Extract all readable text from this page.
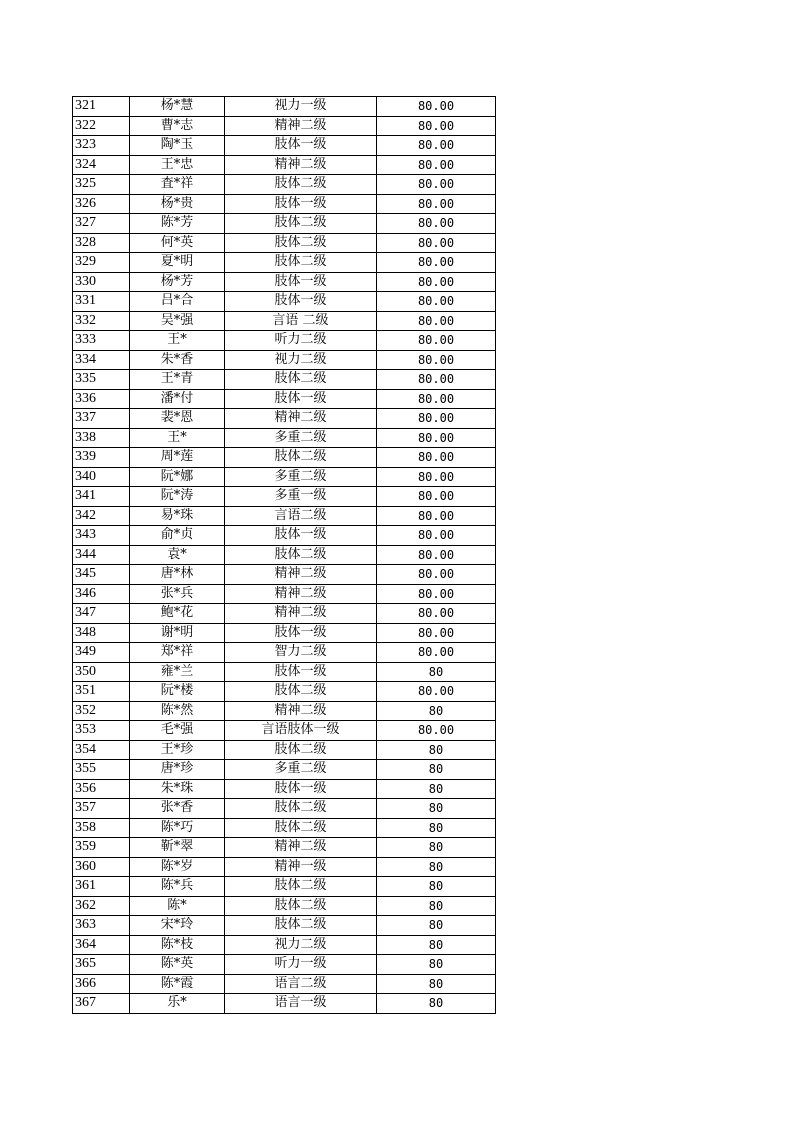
321	杨*慧	视力一级	80.00
322	曹*志	精神二级	80.00
323	陶*玉	肢体一级	80.00
324	王*忠	精神二级	80.00
325	査*祥	肢体二级	80.00
326	杨*贵	肢体一级	80.00
327	陈*芳	肢体二级	80.00
328	何*英	肢体二级	80.00
329	夏*明	肢体二级	80.00
330	杨*芳	肢体一级	80.00
331	吕*合	肢体一级	80.00
332	吴*强	言语 二级	80.00
333	王*	听力二级	80.00
334	朱*香	视力二级	80.00
335	王*青	肢体二级	80.00
336	潘*付	肢体一级	80.00
337	裴*恩	精神二级	80.00
338	王*	多重二级	80.00
339	周*莲	肢体二级	80.00
340	阮*娜	多重二级	80.00
341	阮*涛	多重一级	80.00
342	易*珠	言语二级	80.00
343	俞*贞	肢体一级	80.00
344	袁*	肢体二级	80.00
345	唐*林	精神二级	80.00
346	张*兵	精神二级	80.00
347	鲍*花	精神二级	80.00
348	谢*明	肢体一级	80.00
349	郑*祥	智力二级	80.00
350	雍*兰	肢体一级	80
351	阮*楼	肢体二级	80.00
352	陈*然	精神二级	80
353	毛*强	言语肢体一级	80.00
354	王*珍	肢体二级	80
355	唐*珍	多重二级	80
356	朱*珠	肢体一级	80
357	张*香	肢体二级	80
358	陈*巧	肢体二级	80
359	靳*翠	精神二级	80
360	陈*岁	精神一级	80
361	陈*兵	肢体二级	80
362	陈*	肢体二级	80
363	宋*玲	肢体二级	80
364	陈*枝	视力二级	80
365	陈*英	听力一级	80
366	陈*霞	语言二级	80
367	乐*	语言一级	80
